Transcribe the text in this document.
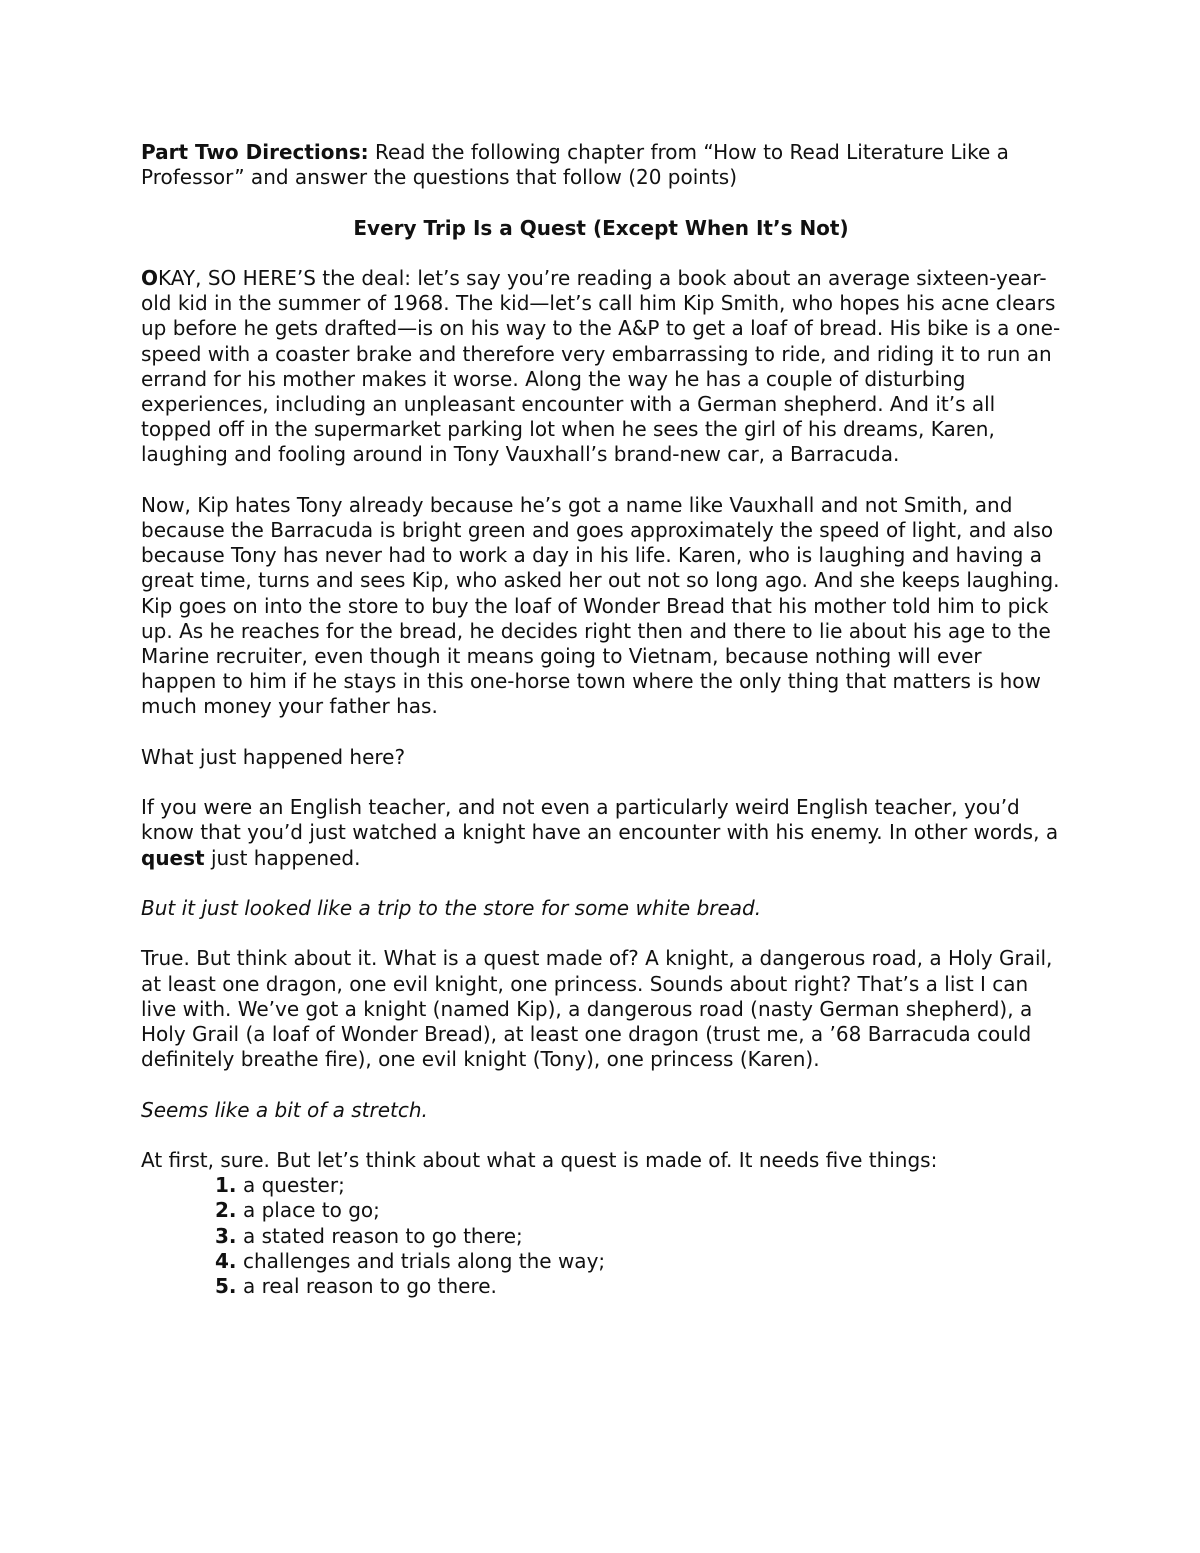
Part Two Directions: Read the following chapter from “How to Read Literature Like a Professor” and answer the questions that follow (20 points)

Every Trip Is a Quest (Except When It’s Not)

OKAY, SO HERE’S the deal: let’s say you’re reading a book about an average sixteen-year-old kid in the summer of 1968. The kid—let’s call him Kip Smith, who hopes his acne clears up before he gets drafted—is on his way to the A&P to get a loaf of bread. His bike is a one-speed with a coaster brake and therefore very embarrassing to ride, and riding it to run an errand for his mother makes it worse. Along the way he has a couple of disturbing experiences, including an unpleasant encounter with a German shepherd. And it’s all topped off in the supermarket parking lot when he sees the girl of his dreams, Karen, laughing and fooling around in Tony Vauxhall’s brand-new car, a Barracuda.

Now, Kip hates Tony already because he’s got a name like Vauxhall and not Smith, and because the Barracuda is bright green and goes approximately the speed of light, and also because Tony has never had to work a day in his life. Karen, who is laughing and having a great time, turns and sees Kip, who asked her out not so long ago. And she keeps laughing.

Kip goes on into the store to buy the loaf of Wonder Bread that his mother told him to pick up. As he reaches for the bread, he decides right then and there to lie about his age to the Marine recruiter, even though it means going to Vietnam, because nothing will ever happen to him if he stays in this one-horse town where the only thing that matters is how much money your father has.

What just happened here?

If you were an English teacher, and not even a particularly weird English teacher, you’d know that you’d just watched a knight have an encounter with his enemy. In other words, a quest just happened.

But it just looked like a trip to the store for some white bread.

True. But think about it. What is a quest made of? A knight, a dangerous road, a Holy Grail, at least one dragon, one evil knight, one princess. Sounds about right? That’s a list I can live with. We’ve got a knight (named Kip), a dangerous road (nasty German shepherd), a Holy Grail (a loaf of Wonder Bread), at least one dragon (trust me, a ’68 Barracuda could definitely breathe fire), one evil knight (Tony), one princess (Karen).

Seems like a bit of a stretch.

At first, sure. But let’s think about what a quest is made of. It needs five things:

1. a quester;
2. a place to go;
3. a stated reason to go there;
4. challenges and trials along the way;
5. a real reason to go there.
